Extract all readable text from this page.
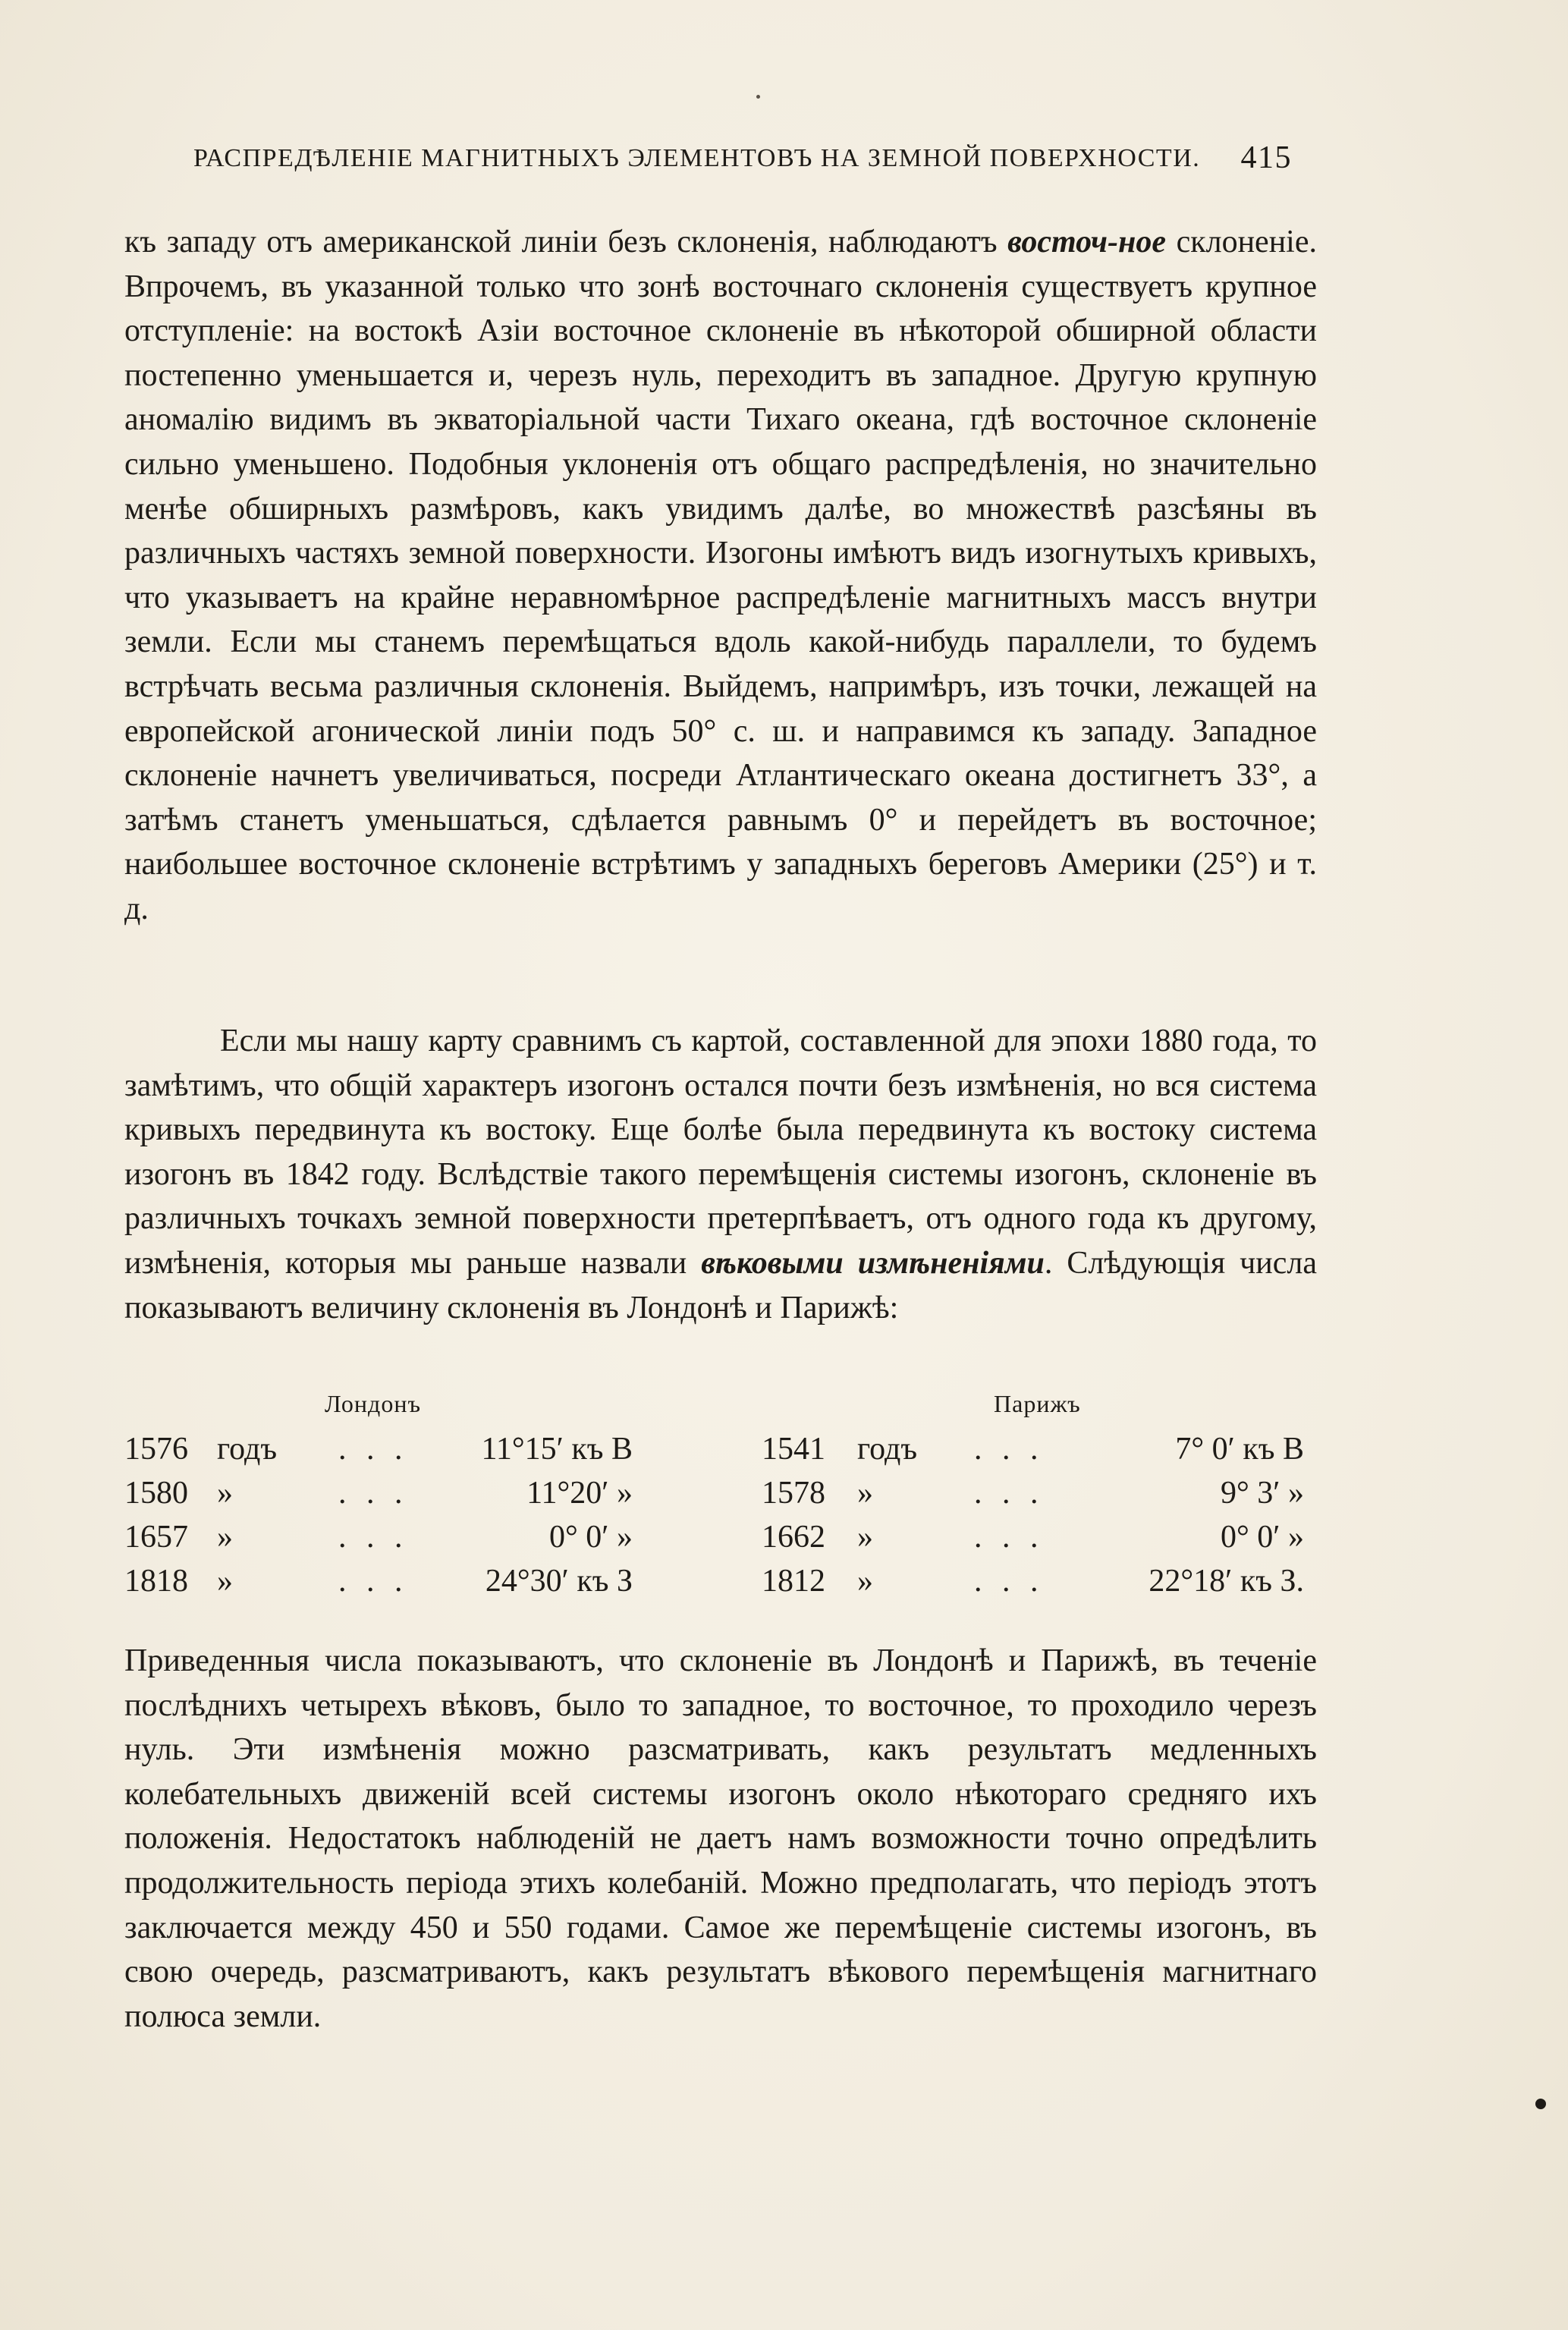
РАСПРЕДѢЛЕНІЕ МАГНИТНЫХЪ ЭЛЕМЕНТОВЪ НА ЗЕМНОЙ ПОВЕРХНОСТИ. 415

къ западу отъ американской линіи безъ склоненія, наблюдаютъ восточ-ное склоненіе. Впрочемъ, въ указанной только что зонѣ восточнаго склоненія существуетъ крупное отступленіе: на востокѣ Азіи восточное склоненіе въ нѣкоторой обширной области постепенно уменьшается и, черезъ нуль, переходитъ въ западное. Другую крупную аномалію видимъ въ экваторіальной части Тихаго океана, гдѣ восточное склоненіе сильно уменьшено. Подобныя уклоненія отъ общаго распредѣленія, но значительно менѣе обширныхъ размѣровъ, какъ увидимъ далѣе, во множествѣ разсѣяны въ различныхъ частяхъ земной поверхности. Изогоны имѣютъ видъ изогнутыхъ кривыхъ, что указываетъ на крайне неравномѣрное распредѣленіе магнитныхъ массъ внутри земли. Если мы станемъ перемѣщаться вдоль какой-нибудь параллели, то будемъ встрѣчать весьма различныя склоненія. Выйдемъ, напримѣръ, изъ точки, лежащей на европейской агонической линіи подъ 50° с. ш. и направимся къ западу. Западное склоненіе начнетъ увеличиваться, посреди Атлантическаго океана достигнетъ 33°, а затѣмъ станетъ уменьшаться, сдѣлается равнымъ 0° и перейдетъ въ восточное; наибольшее восточное склоненіе встрѣтимъ у западныхъ береговъ Америки (25°) и т. д.

Если мы нашу карту сравнимъ съ картой, составленной для эпохи 1880 года, то замѣтимъ, что общій характеръ изогонъ остался почти безъ измѣненія, но вся система кривыхъ передвинута къ востоку. Еще болѣе была передвинута къ востоку система изогонъ въ 1842 году. Вслѣдствіе такого перемѣщенія системы изогонъ, склоненіе въ различныхъ точкахъ земной поверхности претерпѣваетъ, отъ одного года къ другому, измѣненія, которыя мы раньше назвали вѣковыми измѣненіями. Слѣдующія числа показываютъ величину склоненія въ Лондонѣ и Парижѣ:

Лондонъ	Парижъ
1576 годъ . . .	11°15′ къ В	1541 годъ . . .	7° 0′ къ В
1580 »	. . .	11°20′ »	1578 »	. . .	9° 3′ »
1657 »	. . .	0° 0′ »	1662 »	. . .	0° 0′ »
1818 »	. . .	24°30′ къ З	1812 »	. . .	22°18′ къ З.

Приведенныя числа показываютъ, что склоненіе въ Лондонѣ и Парижѣ, въ теченіе послѣднихъ четырехъ вѣковъ, было то западное, то восточное, то проходило черезъ нуль. Эти измѣненія можно разсматривать, какъ результатъ медленныхъ колебательныхъ движеній всей системы изогонъ около нѣкотораго средняго ихъ положенія. Недостатокъ наблюденій не даетъ намъ возможности точно опредѣлить продолжительность періода этихъ колебаній. Можно предполагать, что періодъ этотъ заключается между 450 и 550 годами. Самое же перемѣщеніе системы изогонъ, въ свою очередь, разсматриваютъ, какъ результатъ вѣкового перемѣщенія магнитнаго полюса земли.
